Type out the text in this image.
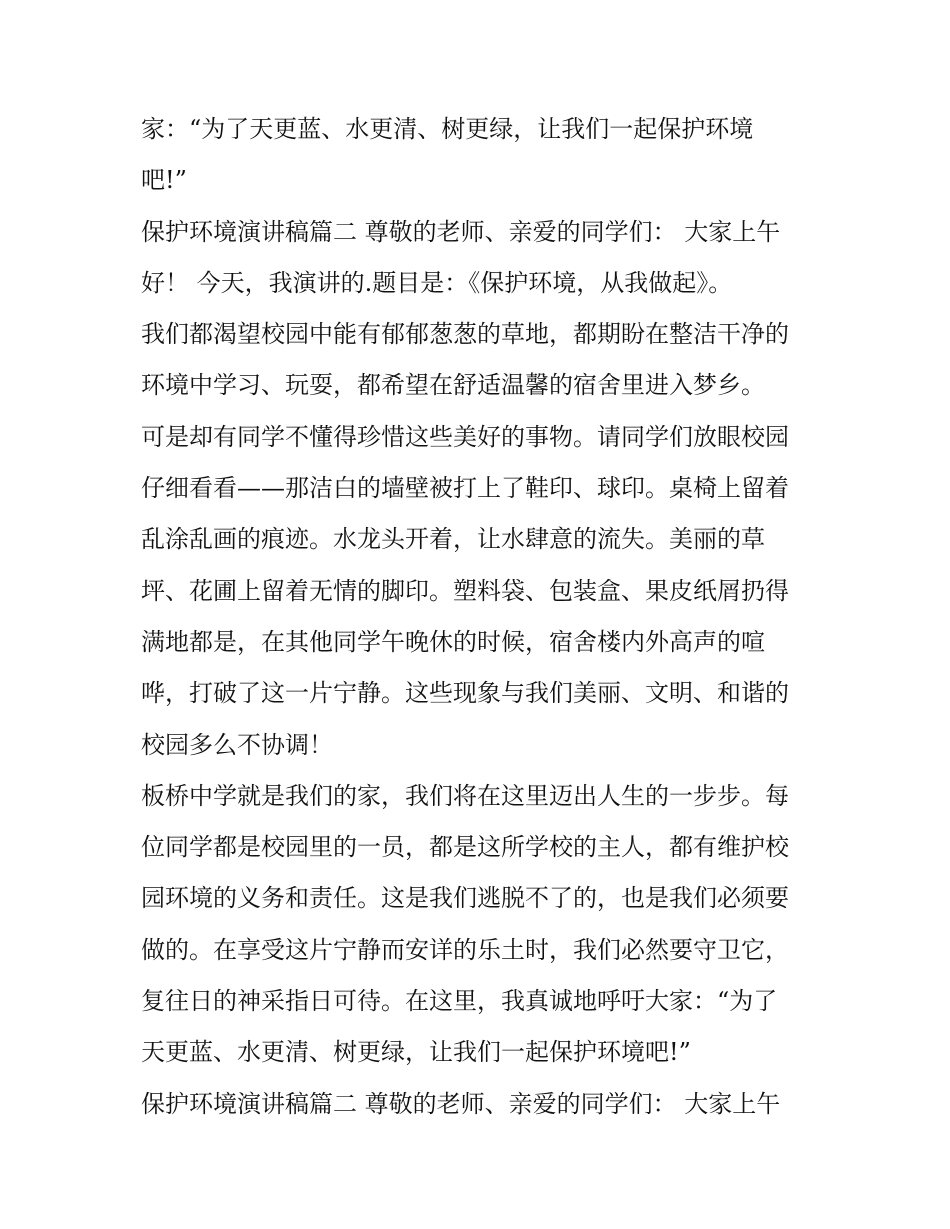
家：“为了天更蓝、水更清、树更绿，让我们一起保护环境
吧!”
保护环境演讲稿篇二 尊敬的老师、亲爱的同学们： 大家上午
好！ 今天，我演讲的.题目是：《保护环境，从我做起》。
我们都渴望校园中能有郁郁葱葱的草地，都期盼在整洁干净的
环境中学习、玩耍，都希望在舒适温馨的宿舍里进入梦乡。
可是却有同学不懂得珍惜这些美好的事物。请同学们放眼校园
仔细看看——那洁白的墙壁被打上了鞋印、球印。桌椅上留着
乱涂乱画的痕迹。水龙头开着，让水肆意的流失。美丽的草
坪、花圃上留着无情的脚印。塑料袋、包装盒、果皮纸屑扔得
满地都是，在其他同学午晚休的时候，宿舍楼内外高声的喧
哗，打破了这一片宁静。这些现象与我们美丽、文明、和谐的
校园多么不协调！
板桥中学就是我们的家，我们将在这里迈出人生的一步步。每
位同学都是校园里的一员，都是这所学校的主人，都有维护校
园环境的义务和责任。这是我们逃脱不了的，也是我们必须要
做的。在享受这片宁静而安详的乐土时，我们必然要守卫它，
复往日的神采指日可待。在这里，我真诚地呼吁大家：“为了
天更蓝、水更清、树更绿，让我们一起保护环境吧!”
保护环境演讲稿篇二 尊敬的老师、亲爱的同学们： 大家上午
